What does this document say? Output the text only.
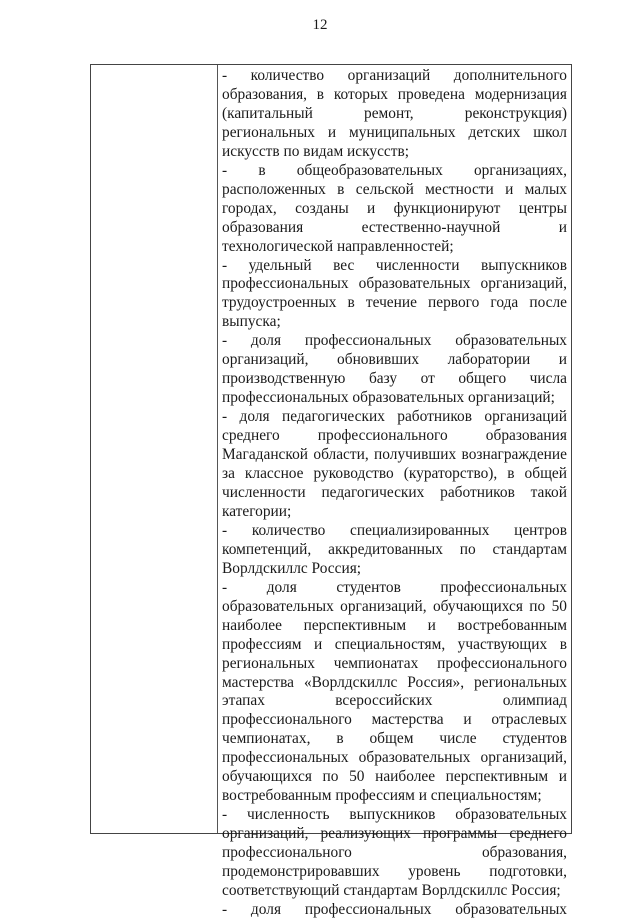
12

- количество организаций дополнительного образования, в которых проведена модернизация (капитальный ремонт, реконструкция) региональных и муниципальных детских школ искусств по видам искусств;

- в общеобразовательных организациях, расположенных в сельской местности и малых городах, созданы и функционируют центры образования естественно-научной и технологической направленностей;

- удельный вес численности выпускников профессиональных образовательных организаций, трудоустроенных в течение первого года после выпуска;

- доля профессиональных образовательных организаций, обновивших лаборатории и производственную базу от общего числа профессиональных образовательных организаций;

- доля педагогических работников организаций среднего профессионального образования Магаданской области, получивших вознаграждение за классное руководство (кураторство), в общей численности педагогических работников такой категории;

- количество специализированных центров компетенций, аккредитованных по стандартам Ворлдскиллс Россия;

- доля студентов профессиональных образовательных организаций, обучающихся по 50 наиболее перспективным и востребованным профессиям и специальностям, участвующих в региональных чемпионатах профессионального мастерства «Ворлдскиллс Россия», региональных этапах всероссийских олимпиад профессионального мастерства и отраслевых чемпионатах, в общем числе студентов профессиональных образовательных организаций, обучающихся по 50 наиболее перспективным и востребованным профессиям и специальностям;

- численность выпускников образовательных организаций, реализующих программы среднего профессионального образования, продемонстрировавших уровень подготовки, соответствующий стандартам Ворлдскиллс Россия;

- доля профессиональных образовательных
